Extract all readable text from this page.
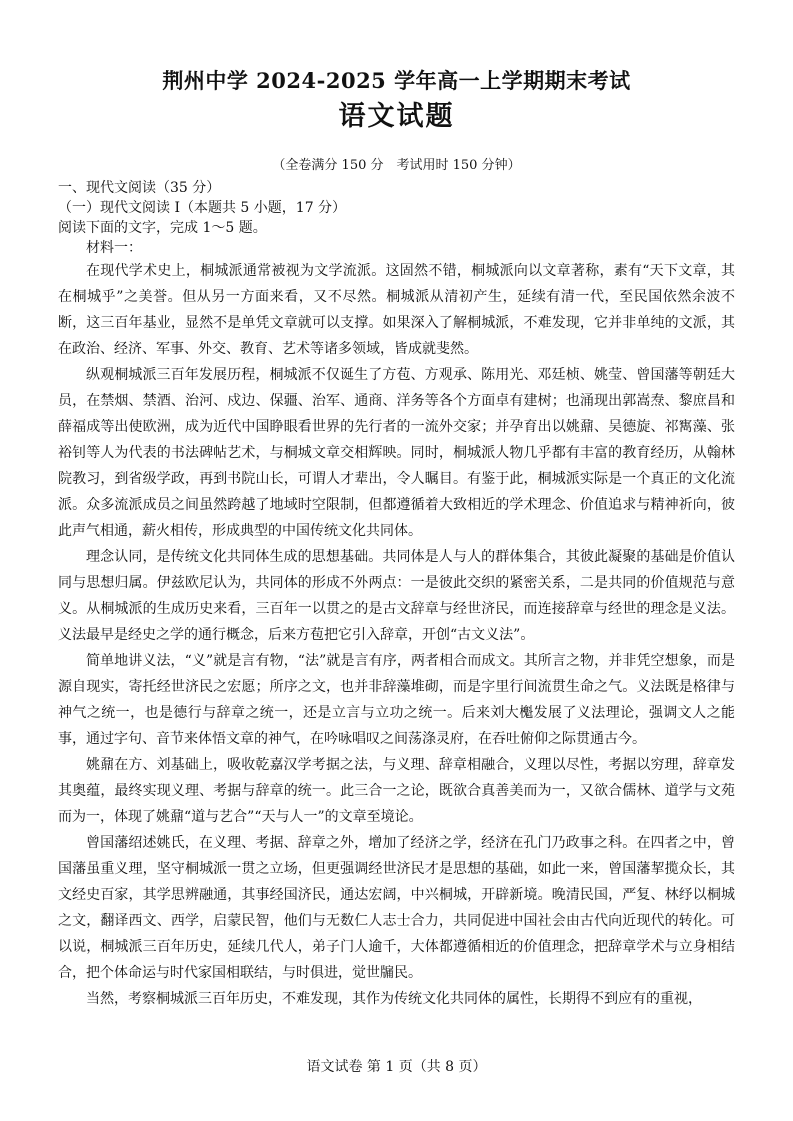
荆州中学 2024-2025 学年高一上学期期末考试
语文试题

（全卷满分 150 分　考试用时 150 分钟）

一、现代文阅读（35 分）

（一）现代文阅读 I（本题共 5 小题，17 分）

阅读下面的文字，完成 1～5 题。

材料一：

在现代学术史上，桐城派通常被视为文学流派。这固然不错，桐城派向以文章著称，素有“天下文章，其在桐城乎”之美誉。但从另一方面来看，又不尽然。桐城派从清初产生，延续有清一代，至民国依然余波不断，这三百年基业，显然不是单凭文章就可以支撑。如果深入了解桐城派，不难发现，它并非单纯的文派，其在政治、经济、军事、外交、教育、艺术等诸多领域，皆成就斐然。

纵观桐城派三百年发展历程，桐城派不仅诞生了方苞、方观承、陈用光、邓廷桢、姚莹、曾国藩等朝廷大员，在禁烟、禁酒、治河、戍边、保疆、治军、通商、洋务等各个方面卓有建树；也涌现出郭嵩焘、黎庶昌和薛福成等出使欧洲，成为近代中国睁眼看世界的先行者的一流外交家；并孕育出以姚鼐、吴德旋、祁寯藻、张裕钊等人为代表的书法碑帖艺术，与桐城文章交相辉映。同时，桐城派人物几乎都有丰富的教育经历，从翰林院教习，到省级学政，再到书院山长，可谓人才辈出，令人瞩目。有鉴于此，桐城派实际是一个真正的文化流派。众多流派成员之间虽然跨越了地域时空限制，但都遵循着大致相近的学术理念、价值追求与精神祈向，彼此声气相通，薪火相传，形成典型的中国传统文化共同体。

理念认同，是传统文化共同体生成的思想基础。共同体是人与人的群体集合，其彼此凝聚的基础是价值认同与思想归属。伊兹欧尼认为，共同体的形成不外两点：一是彼此交织的紧密关系，二是共同的价值规范与意义。从桐城派的生成历史来看，三百年一以贯之的是古文辞章与经世济民，而连接辞章与经世的理念是义法。义法最早是经史之学的通行概念，后来方苞把它引入辞章，开创“古文义法”。

简单地讲义法，“义”就是言有物，“法”就是言有序，两者相合而成文。其所言之物，并非凭空想象，而是源自现实，寄托经世济民之宏愿；所序之文，也并非辞藻堆砌，而是字里行间流贯生命之气。义法既是格律与神气之统一，也是德行与辞章之统一，还是立言与立功之统一。后来刘大櫆发展了义法理论，强调文人之能事，通过字句、音节来体悟文章的神气，在吟咏唱叹之间荡涤灵府，在吞吐俯仰之际贯通古今。

姚鼐在方、刘基础上，吸收乾嘉汉学考据之法，与义理、辞章相融合，义理以尽性，考据以穷理，辞章发其奥蕴，最终实现义理、考据与辞章的统一。此三合一之论，既欲合真善美而为一，又欲合儒林、道学与文苑而为一，体现了姚鼐“道与艺合”“天与人一”的文章至境论。

曾国藩绍述姚氏，在义理、考据、辞章之外，增加了经济之学，经济在孔门乃政事之科。在四者之中，曾国藩虽重义理，坚守桐城派一贯之立场，但更强调经世济民才是思想的基础，如此一来，曾国藩挈揽众长，其文经史百家，其学思辨融通，其事经国济民，通达宏阔，中兴桐城，开辟新境。晚清民国，严复、林纾以桐城之文，翻译西文、西学，启蒙民智，他们与无数仁人志士合力，共同促进中国社会由古代向近现代的转化。可以说，桐城派三百年历史，延续几代人，弟子门人逾千，大体都遵循相近的价值理念，把辞章学术与立身相结合，把个体命运与时代家国相联结，与时俱进，觉世牖民。

当然，考察桐城派三百年历史，不难发现，其作为传统文化共同体的属性，长期得不到应有的重视，

语文试卷 第 1 页（共 8 页）
